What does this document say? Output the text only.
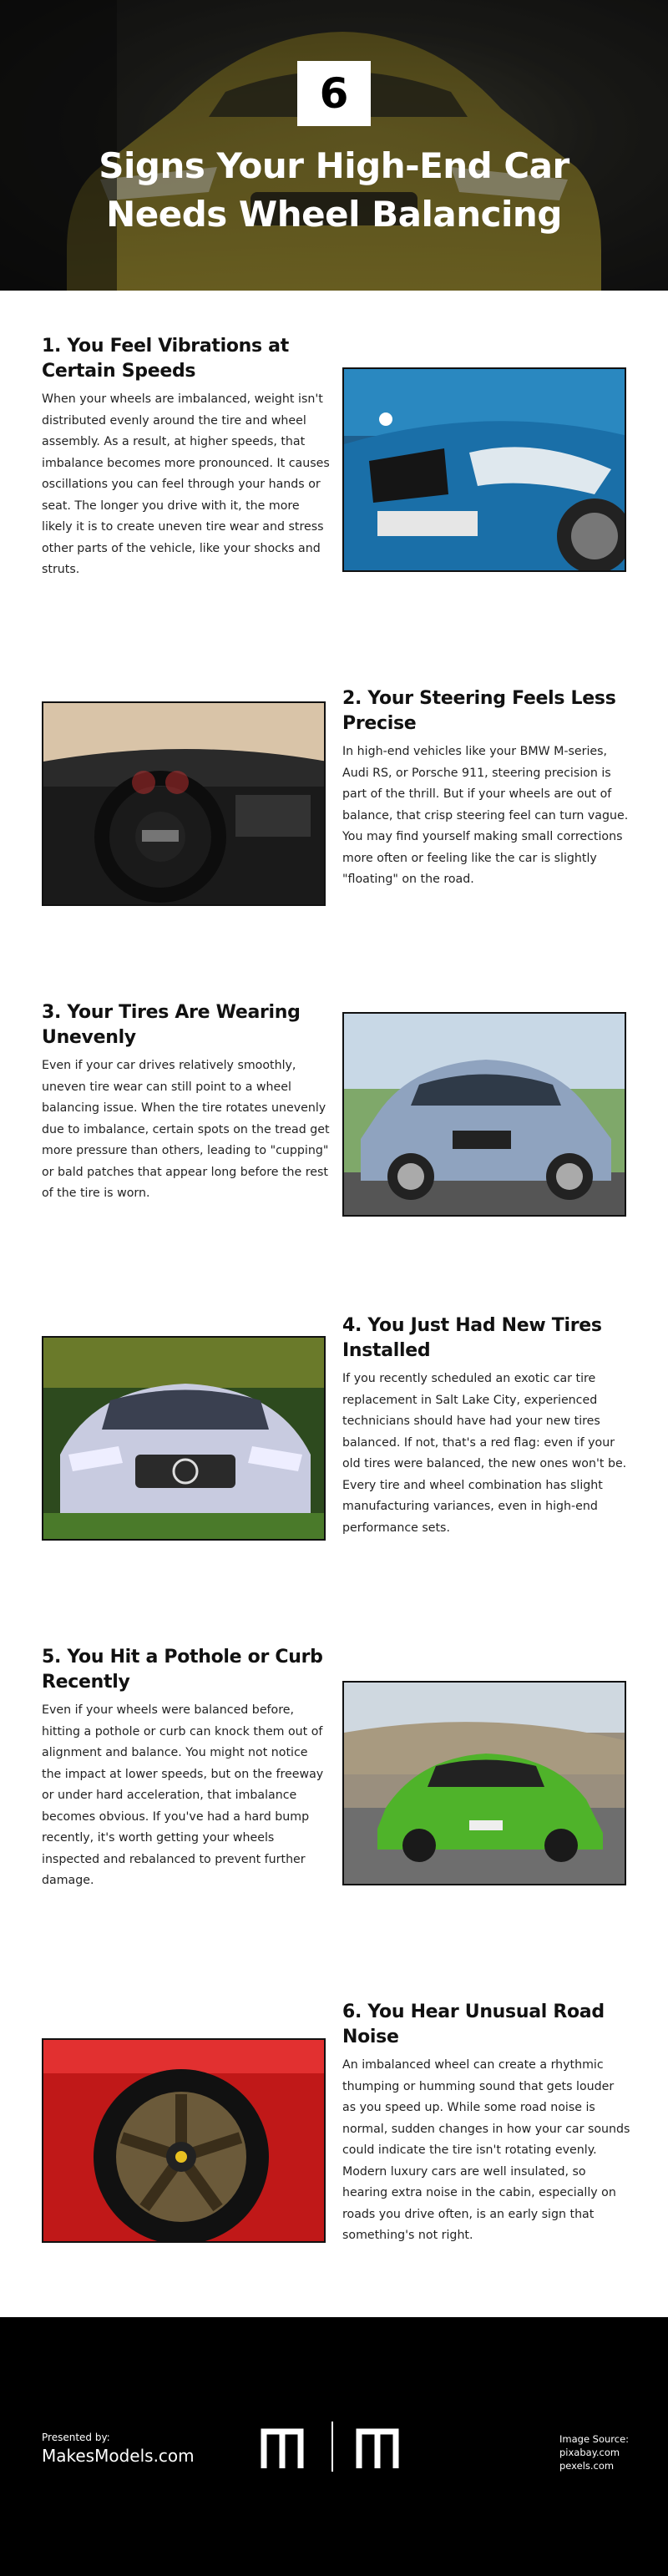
6
Signs Your High-End Car Needs Wheel Balancing

1. You Feel Vibrations at Certain Speeds

When your wheels are imbalanced, weight isn't distributed evenly around the tire and wheel assembly. As a result, at higher speeds, that imbalance becomes more pronounced. It causes oscillations you can feel through your hands or seat. The longer you drive with it, the more likely it is to create uneven tire wear and stress other parts of the vehicle, like your shocks and struts.

2. Your Steering Feels Less Precise

In high-end vehicles like your BMW M-series, Audi RS, or Porsche 911, steering precision is part of the thrill. But if your wheels are out of balance, that crisp steering feel can turn vague. You may find yourself making small corrections more often or feeling like the car is slightly "floating" on the road.

3. Your Tires Are Wearing Unevenly

Even if your car drives relatively smoothly, uneven tire wear can still point to a wheel balancing issue. When the tire rotates unevenly due to imbalance, certain spots on the tread get more pressure than others, leading to "cupping" or bald patches that appear long before the rest of the tire is worn.

4. You Just Had New Tires Installed

If you recently scheduled an exotic car tire replacement in Salt Lake City, experienced technicians should have had your new tires balanced. If not, that's a red flag: even if your old tires were balanced, the new ones won't be. Every tire and wheel combination has slight manufacturing variances, even in high-end performance sets.

5. You Hit a Pothole or Curb Recently

Even if your wheels were balanced before, hitting a pothole or curb can knock them out of alignment and balance. You might not notice the impact at lower speeds, but on the freeway or under hard acceleration, that imbalance becomes obvious. If you've had a hard bump recently, it's worth getting your wheels inspected and rebalanced to prevent further damage.

6. You Hear Unusual Road Noise

An imbalanced wheel can create a rhythmic thumping or humming sound that gets louder as you speed up. While some road noise is normal, sudden changes in how your car sounds could indicate the tire isn't rotating evenly. Modern luxury cars are well insulated, so hearing extra noise in the cabin, especially on roads you drive often, is an early sign that something's not right.

Presented by:
MakesModels.com
Image Source:
pixabay.com
pexels.com
